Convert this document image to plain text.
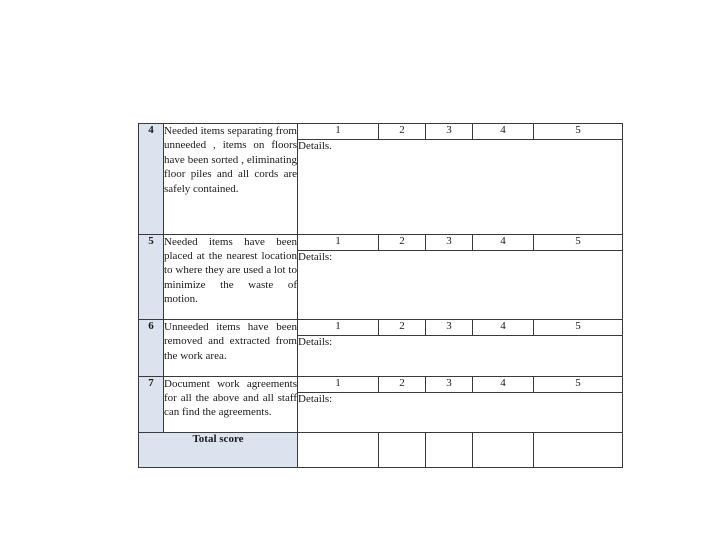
4	Needed items separating from unneeded , items on floors have been sorted , eliminating floor piles and all cords are safely contained.	1	2	3	4	5
		Details.				
5	Needed items have been placed at the nearest location to where they are used a lot to minimize the waste of motion.	1	2	3	4	5
		Details:				
6	Unneeded items have been removed and extracted from the work area.	1	2	3	4	5
		Details:				
7	Document work agreements for all the above and all staff can find the agreements.	1	2	3	4	5
		Details:				
Total score						
